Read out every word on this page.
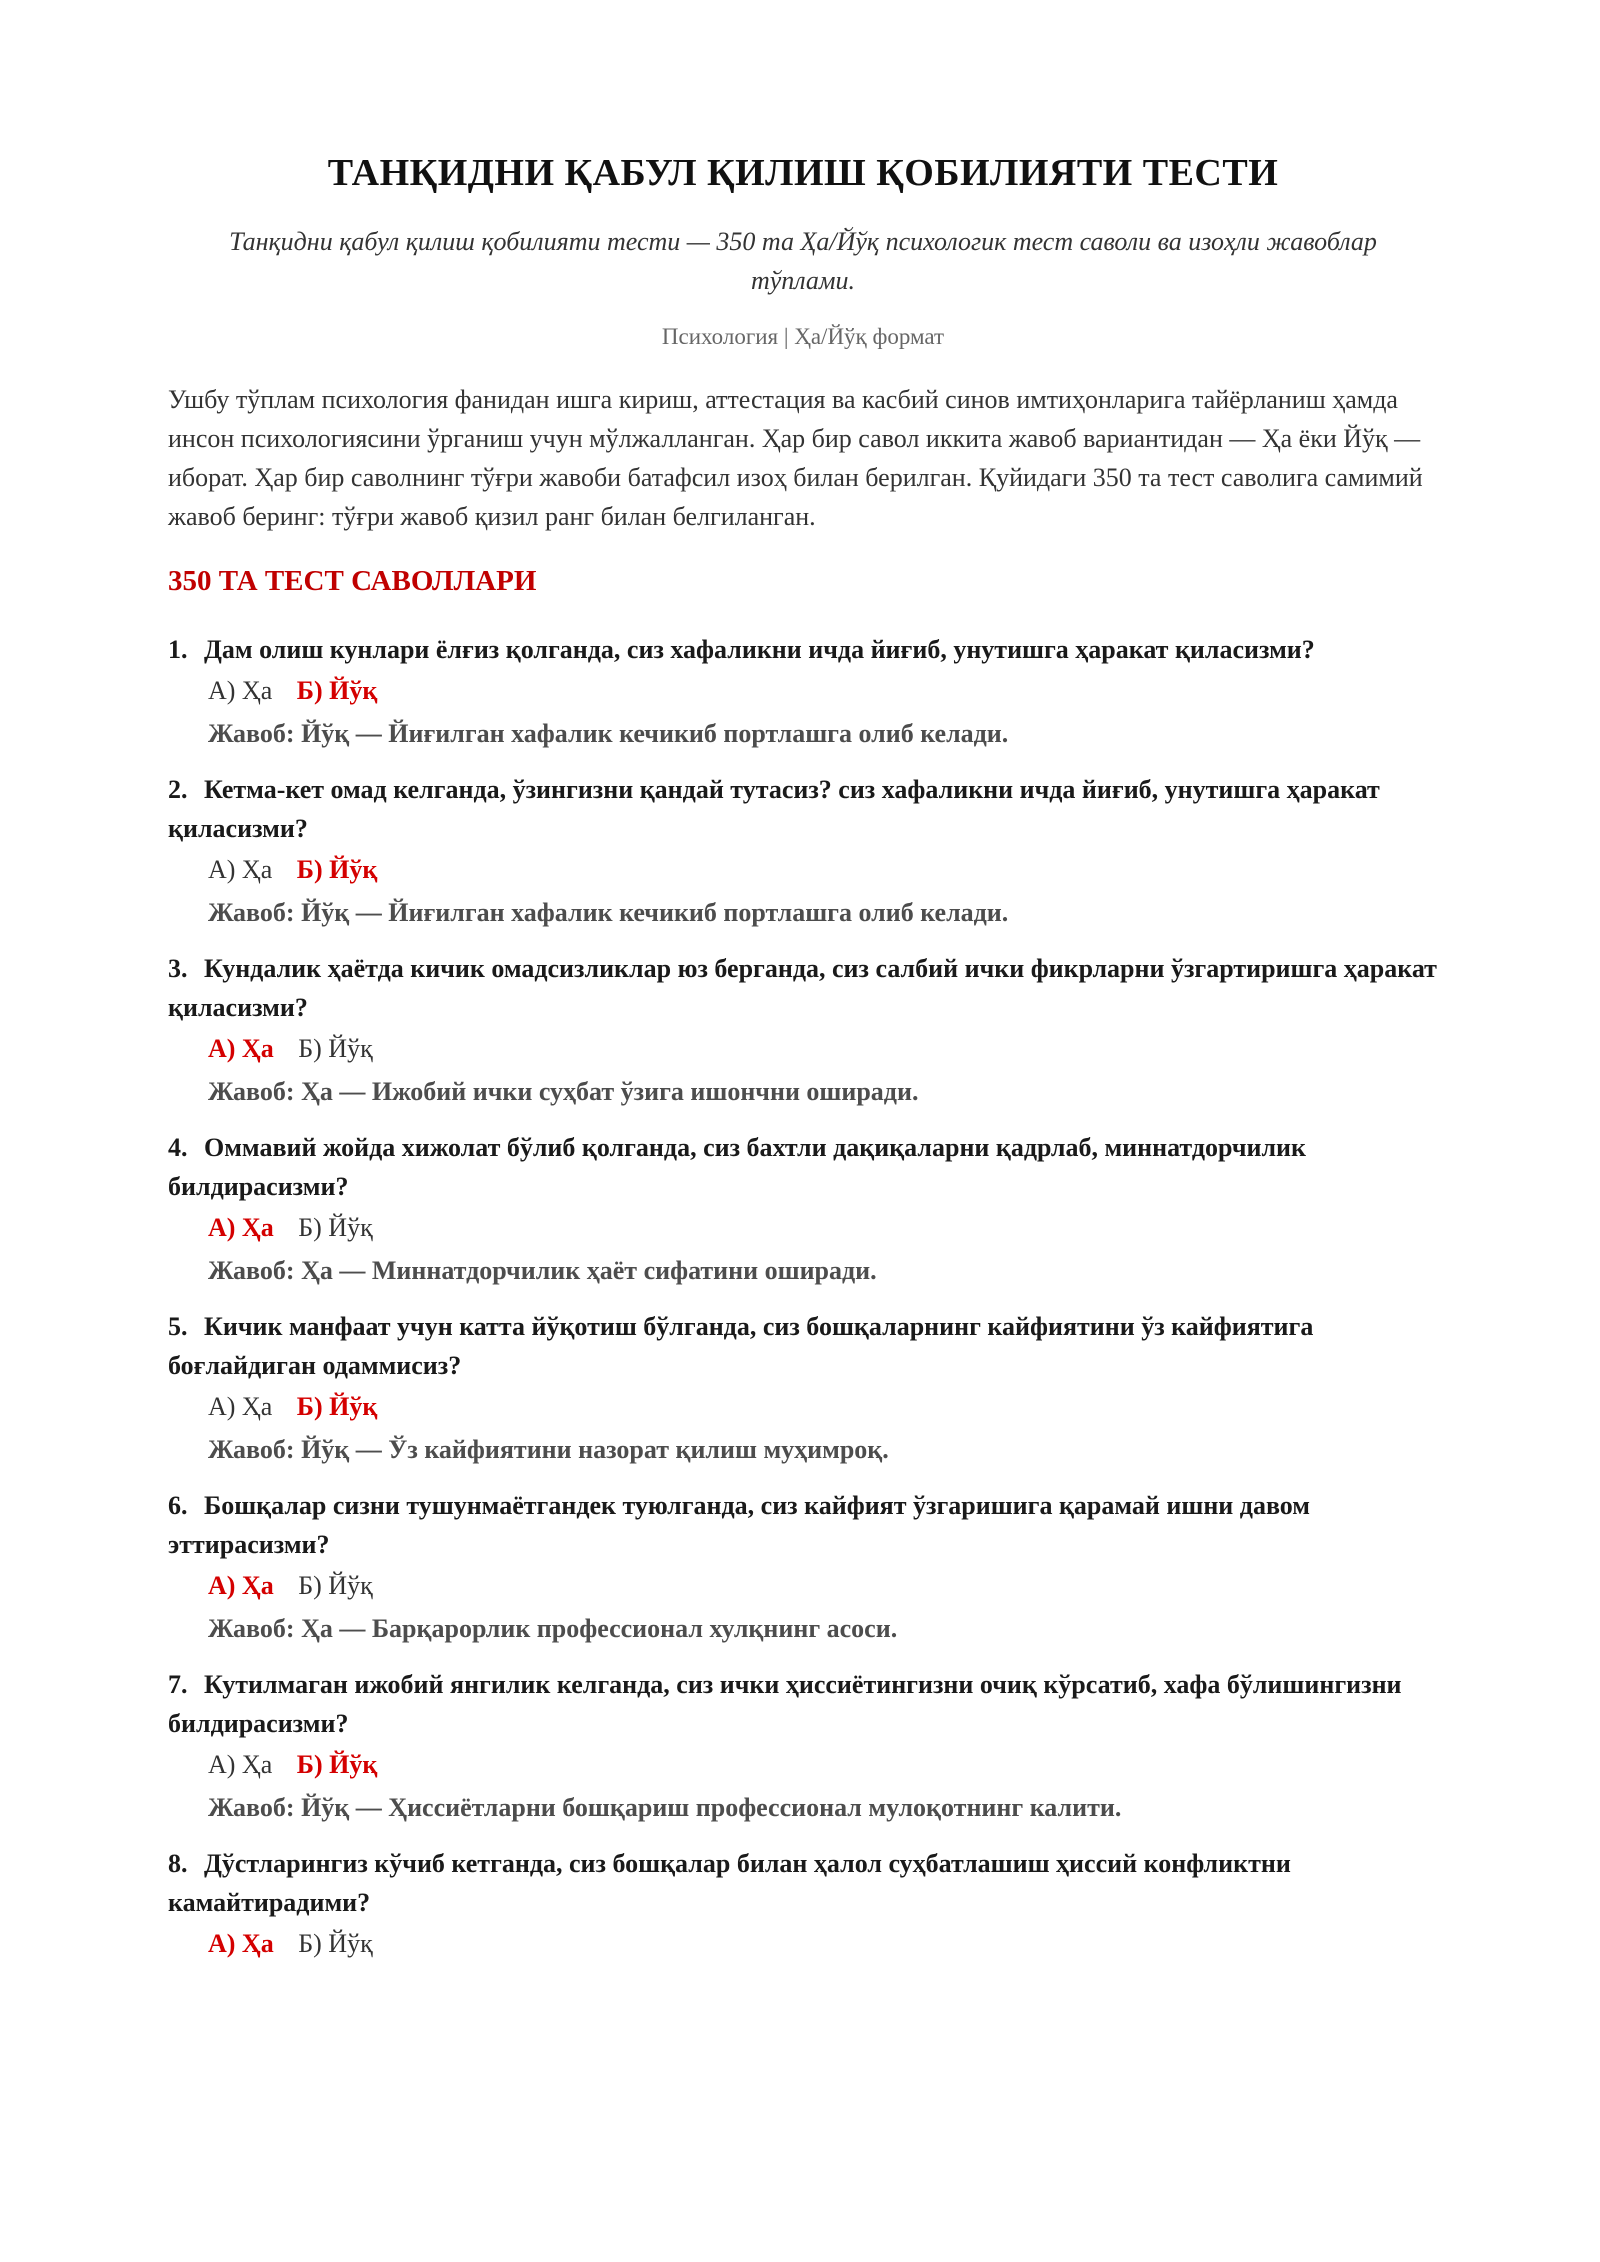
ТАНҚИДНИ ҚАБУЛ ҚИЛИШ ҚОБИЛИЯТИ ТЕСТИ
Танқидни қабул қилиш қобилияти тести — 350 та Ҳа/Йўқ психологик тест саволи ва изоҳли жавоблар тўплами.
Психология | Ҳа/Йўқ формат
Ушбу тўплам психология фанидан ишга кириш, аттестация ва касбий синов имтиҳонларига тайёрланиш ҳамда инсон психологиясини ўрганиш учун мўлжалланган. Ҳар бир савол иккита жавоб вариантидан — Ҳа ёки Йўқ — иборат. Ҳар бир саволнинг тўғри жавоби батафсил изоҳ билан берилган. Қуйидаги 350 та тест саволига самимий жавоб беринг: тўғри жавоб қизил ранг билан белгиланган.
350 ТА ТЕСТ САВОЛЛАРИ
1. Дам олиш кунлари ёлғиз қолганда, сиз хафаликни ичда йиғиб, унутишга ҳаракат қиласизми?
А) Ҳа Б) Йўқ
Жавоб: Йўқ — Йиғилган хафалик кечикиб портлашга олиб келади.
2. Кетма-кет омад келганда, ўзингизни қандай тутасиз? сиз хафаликни ичда йиғиб, унутишга ҳаракат қиласизми?
А) Ҳа Б) Йўқ
Жавоб: Йўқ — Йиғилган хафалик кечикиб портлашга олиб келади.
3. Кундалик ҳаётда кичик омадсизликлар юз берганда, сиз салбий ички фикрларни ўзгартиришга ҳаракат қиласизми?
А) Ҳа Б) Йўқ
Жавоб: Ҳа — Ижобий ички суҳбат ўзига ишончни оширади.
4. Оммавий жойда хижолат бўлиб қолганда, сиз бахтли дақиқаларни қадрлаб, миннатдорчилик билдирасизми?
А) Ҳа Б) Йўқ
Жавоб: Ҳа — Миннатдорчилик ҳаёт сифатини оширади.
5. Кичик манфаат учун катта йўқотиш бўлганда, сиз бошқаларнинг кайфиятини ўз кайфиятига боғлайдиган одаммисиз?
А) Ҳа Б) Йўқ
Жавоб: Йўқ — Ўз кайфиятини назорат қилиш муҳимроқ.
6. Бошқалар сизни тушунмаётгандек туюлганда, сиз кайфият ўзгаришига қарамай ишни давом эттирасизми?
А) Ҳа Б) Йўқ
Жавоб: Ҳа — Барқарорлик профессионал хулқнинг асоси.
7. Кутилмаган ижобий янгилик келганда, сиз ички ҳиссиётингизни очиқ кўрсатиб, хафа бўлишингизни билдирасизми?
А) Ҳа Б) Йўқ
Жавоб: Йўқ — Ҳиссиётларни бошқариш профессионал мулоқотнинг калити.
8. Дўстларингиз кўчиб кетганда, сиз бошқалар билан ҳалол суҳбатлашиш ҳиссий конфликтни камайтирадими?
А) Ҳа Б) Йўқ
